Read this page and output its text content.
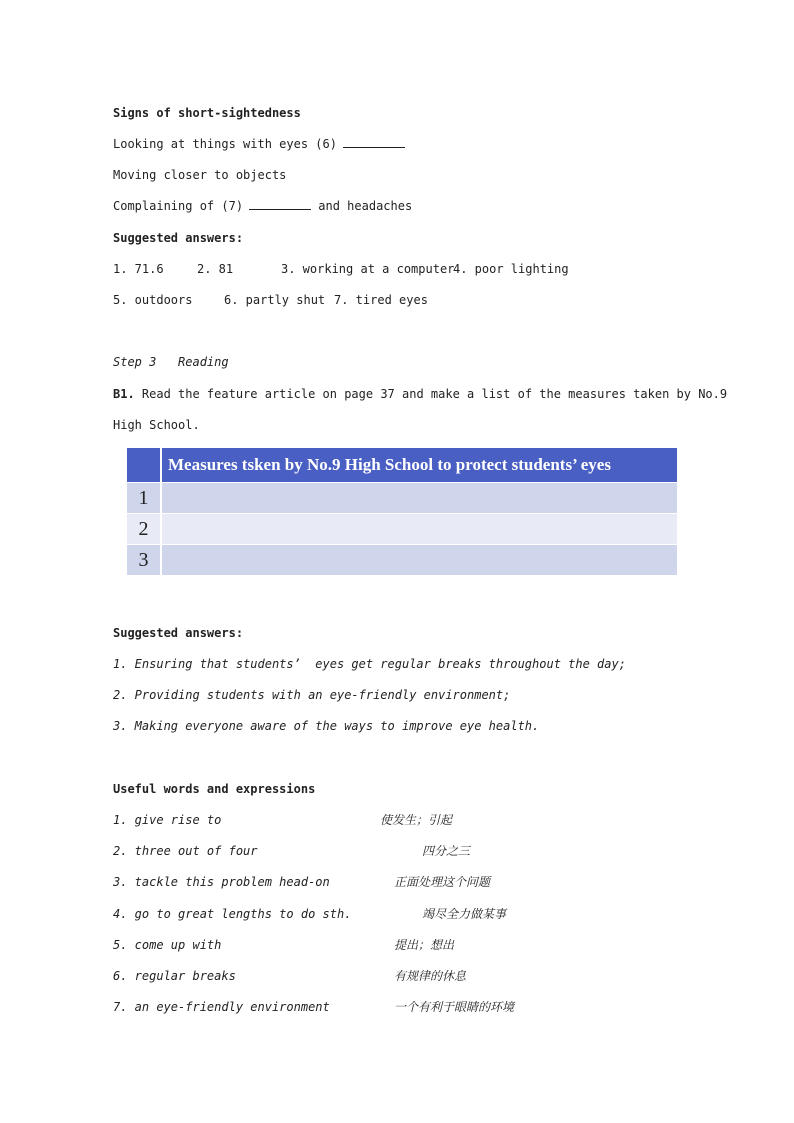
Signs of short-sightedness
Looking at things with eyes (6)
Moving closer to objects
Complaining of (7)	and headaches
Suggested answers:
1. 71.6	2. 81	3. working at a computer4. poor lighting
5. outdoors	6. partly shut 7. tired eyes
Step 3   Reading
B1. Read the feature article on page 37 and make a list of the measures taken by No.9
High School.
	Measures tsken by No.9 High School to protect students’ eyes
1	
2	
3	
Suggested answers:
1. Ensuring that students’  eyes get regular breaks throughout the day;
2. Providing students with an eye-friendly environment;
3. Making everyone aware of the ways to improve eye health.
Useful words and expressions
1. give rise to	使发生；引起
2. three out of four	四分之三
3. tackle this problem head-on	正面处理这个问题
4. go to great lengths to do sth.	竭尽全力做某事
5. come up with	提出；想出
6. regular breaks	有规律的休息
7. an eye-friendly environment	一个有利于眼睛的环境
